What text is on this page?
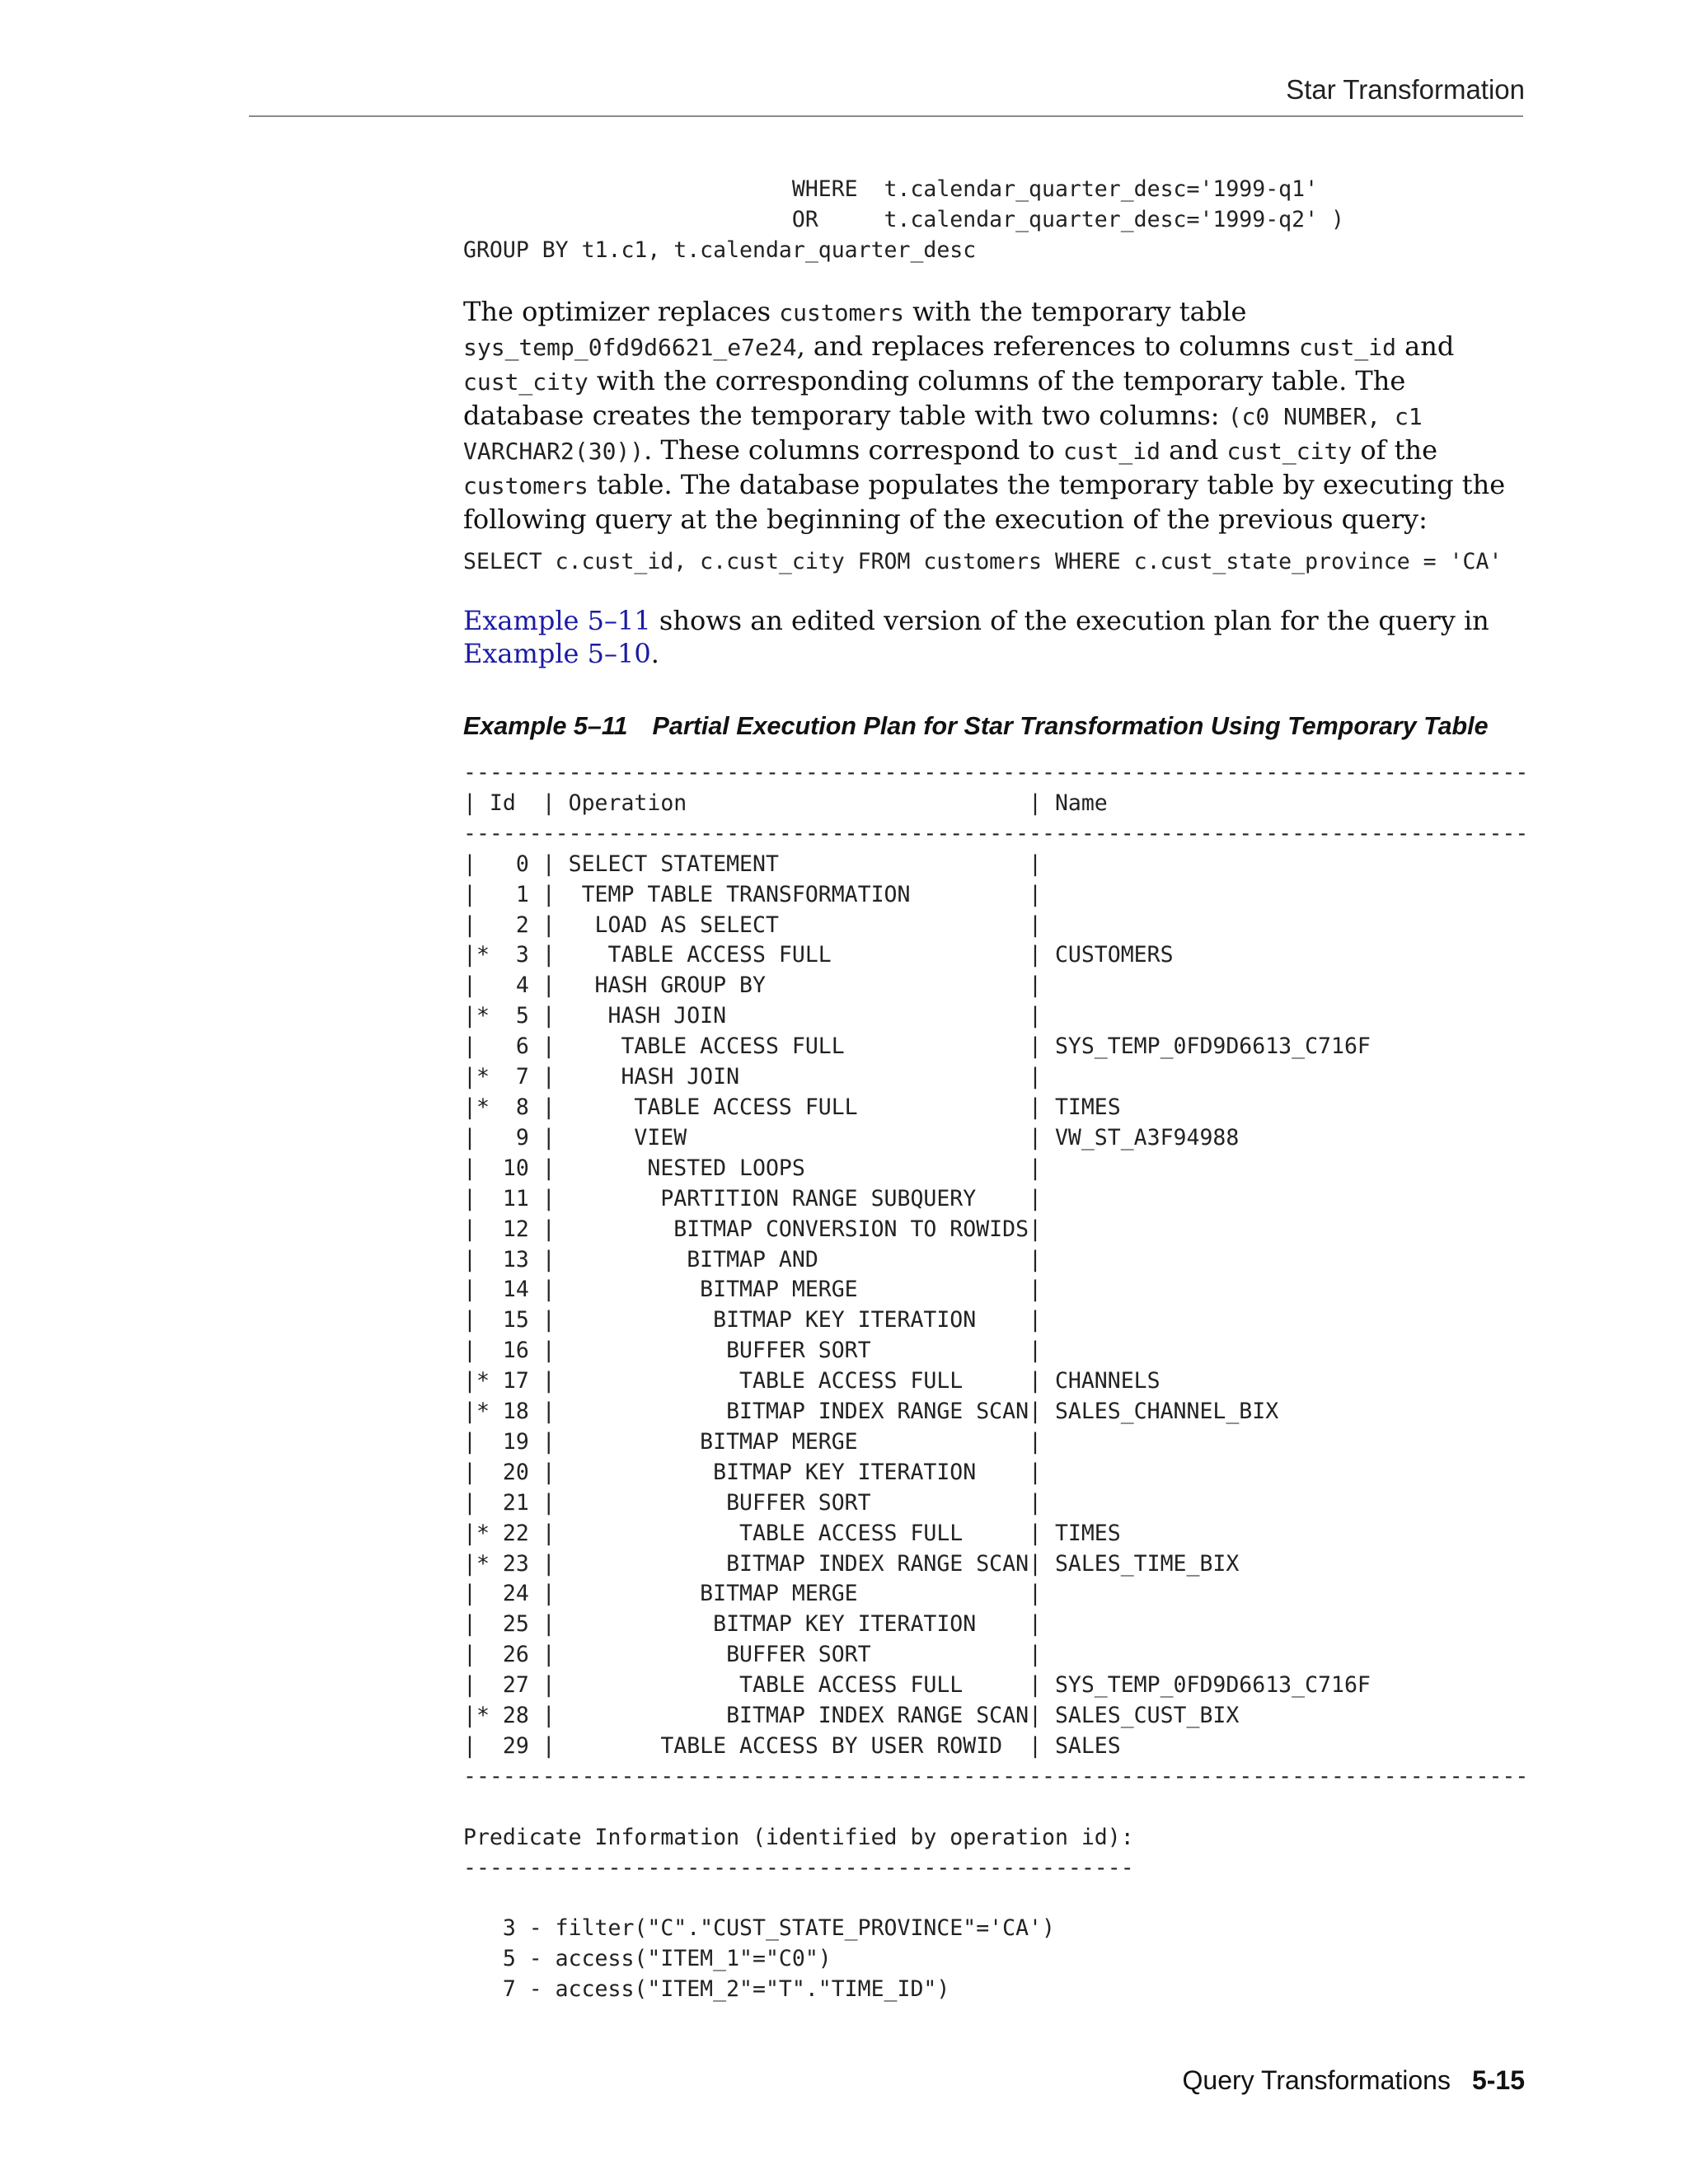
Star Transformation
WHERE  t.calendar_quarter_desc='1999-q1'
OR     t.calendar_quarter_desc='1999-q2' )
GROUP BY t1.c1, t.calendar_quarter_desc

The optimizer replaces customers with the temporary table sys_temp_0fd9d6621_e7e24, and replaces references to columns cust_id and cust_city with the corresponding columns of the temporary table. The database creates the temporary table with two columns: (c0 NUMBER, c1 VARCHAR2(30)). These columns correspond to cust_id and cust_city of the customers table. The database populates the temporary table by executing the following query at the beginning of the execution of the previous query:

SELECT c.cust_id, c.cust_city FROM customers WHERE c.cust_state_province = 'CA'

Example 5–11 shows an edited version of the execution plan for the query in Example 5–10.

Example 5–11 Partial Execution Plan for Star Transformation Using Temporary Table
---------------------------------------------------------------------------------
| Id  | Operation                          | Name
---------------------------------------------------------------------------------
|   0 | SELECT STATEMENT                   |
|   1 |  TEMP TABLE TRANSFORMATION         |
|   2 |   LOAD AS SELECT                   |
|*  3 |    TABLE ACCESS FULL               | CUSTOMERS
|   4 |   HASH GROUP BY                    |
|*  5 |    HASH JOIN                       |
|   6 |     TABLE ACCESS FULL              | SYS_TEMP_0FD9D6613_C716F
|*  7 |     HASH JOIN                      |
|*  8 |      TABLE ACCESS FULL             | TIMES
|   9 |      VIEW                          | VW_ST_A3F94988
|  10 |       NESTED LOOPS                 |
|  11 |        PARTITION RANGE SUBQUERY    |
|  12 |         BITMAP CONVERSION TO ROWIDS|
|  13 |          BITMAP AND                |
|  14 |           BITMAP MERGE             |
|  15 |            BITMAP KEY ITERATION    |
|  16 |             BUFFER SORT            |
|* 17 |              TABLE ACCESS FULL     | CHANNELS
|* 18 |             BITMAP INDEX RANGE SCAN| SALES_CHANNEL_BIX
|  19 |           BITMAP MERGE             |
|  20 |            BITMAP KEY ITERATION    |
|  21 |             BUFFER SORT            |
|* 22 |              TABLE ACCESS FULL     | TIMES
|* 23 |             BITMAP INDEX RANGE SCAN| SALES_TIME_BIX
|  24 |           BITMAP MERGE             |
|  25 |            BITMAP KEY ITERATION    |
|  26 |             BUFFER SORT            |
|  27 |              TABLE ACCESS FULL     | SYS_TEMP_0FD9D6613_C716F
|* 28 |             BITMAP INDEX RANGE SCAN| SALES_CUST_BIX
|  29 |        TABLE ACCESS BY USER ROWID  | SALES
---------------------------------------------------------------------------------

Predicate Information (identified by operation id):
---------------------------------------------------

3 - filter("C"."CUST_STATE_PROVINCE"='CA')
5 - access("ITEM_1"="C0")
7 - access("ITEM_2"="T"."TIME_ID")
Query Transformations 5-15
